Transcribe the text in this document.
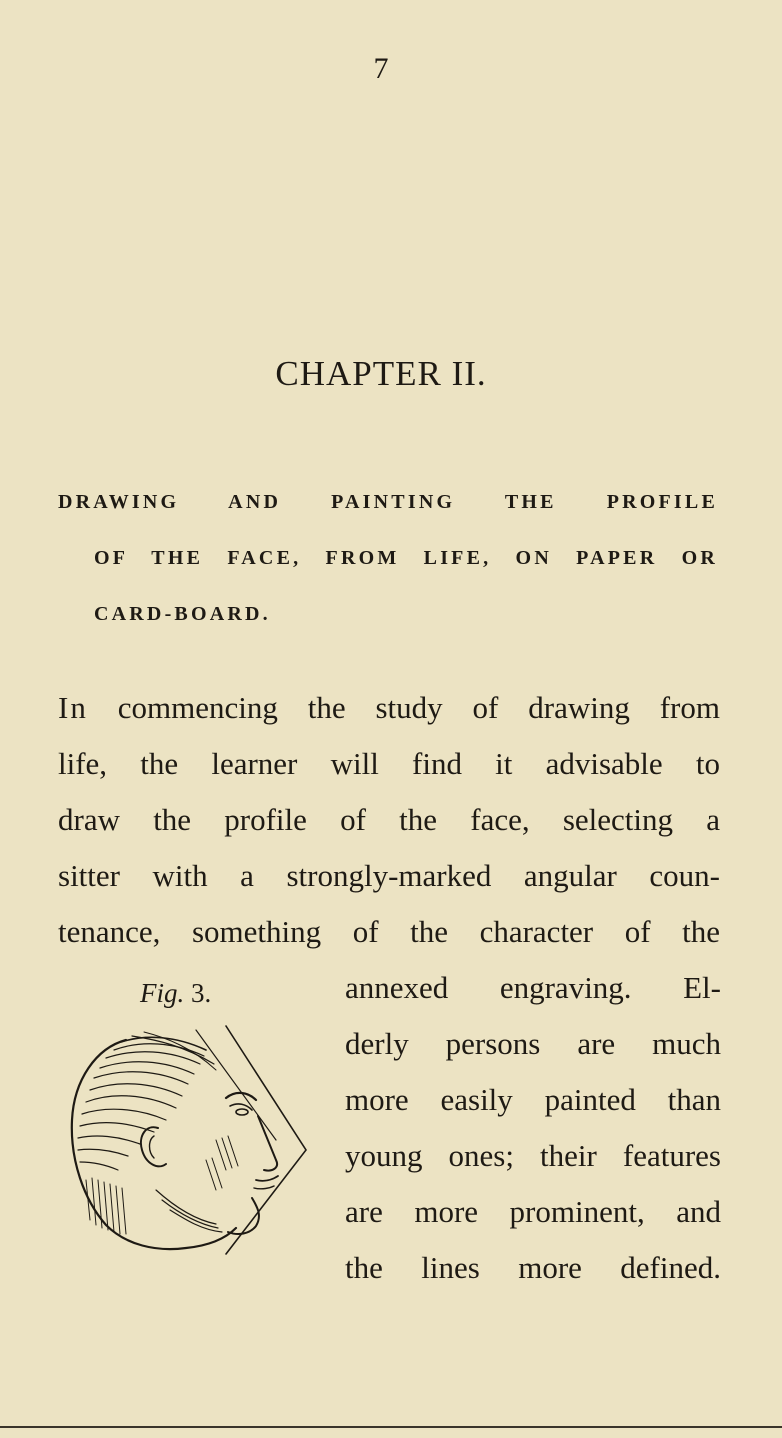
7
CHAPTER II.
DRAWING AND PAINTING THE PROFILE
OF THE FACE, FROM LIFE, ON PAPER OR
CARD-BOARD.
In commencing the study of drawing from
life, the learner will find it advisable to
draw the profile of the face, selecting a
sitter with a strongly-marked angular coun-
tenance, something of the character of the
Fig. 3.	annexed engraving. El-
derly persons are much
more easily painted than
young ones; their features
are more prominent, and
the lines more defined.
